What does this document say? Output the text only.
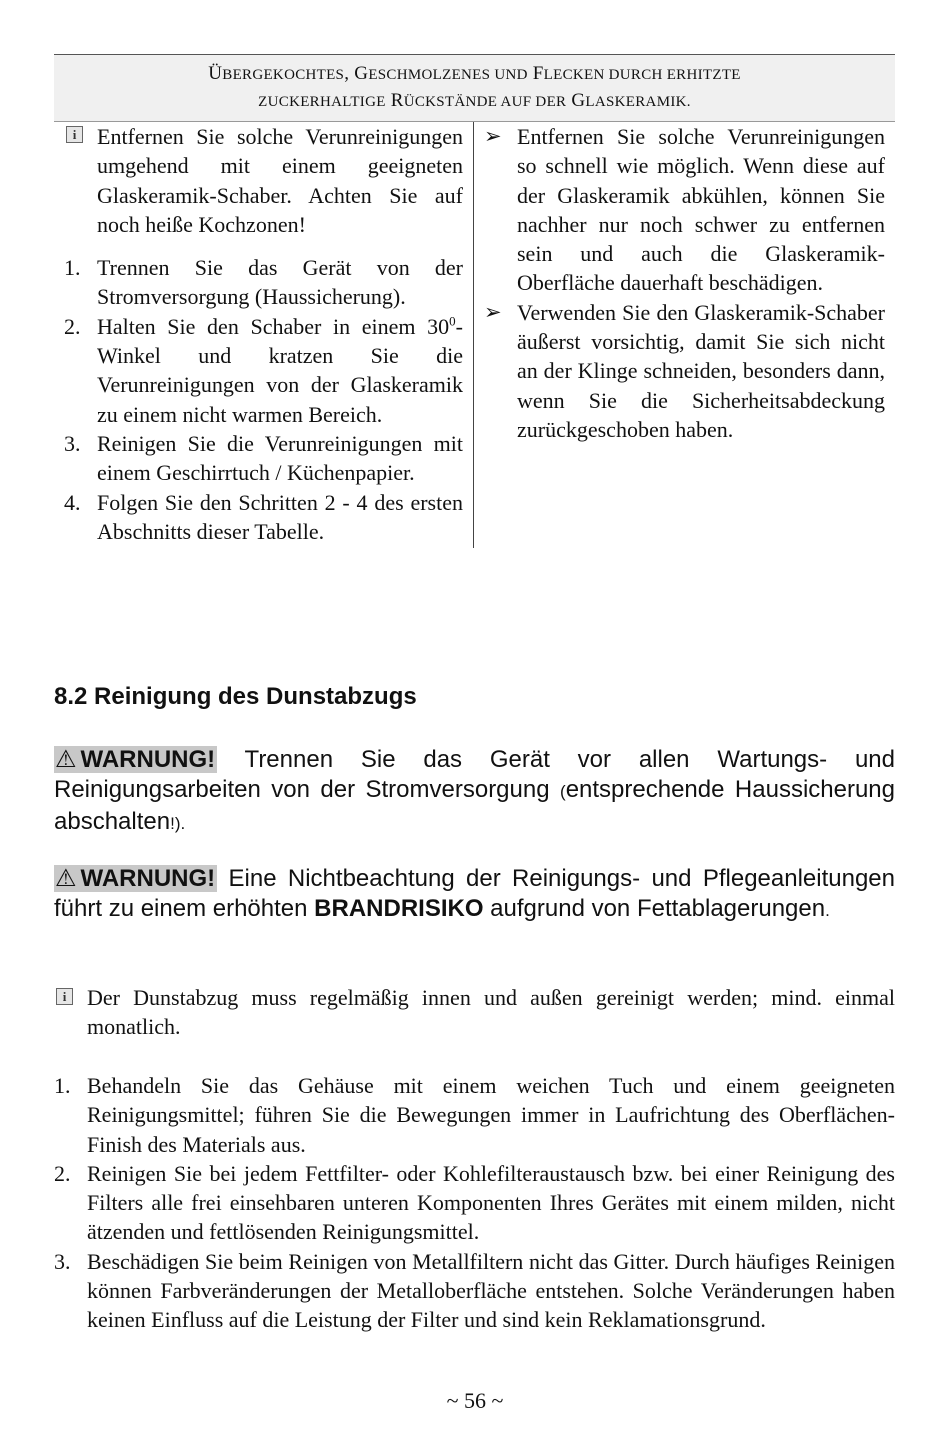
ÜBERGEKOCHTES, GESCHMOLZENES UND FLECKEN DURCH ERHITZTE
ZUCKERHALTIGE RÜCKSTÄNDE AUF DER GLASKERAMIK.

i Entfernen Sie solche Verunreinigungen umgehend mit einem geeigneten Glaskeramik-Schaber. Achten Sie auf noch heiße Kochzonen!
1. Trennen Sie das Gerät von der Stromversorgung (Haussicherung).
2. Halten Sie den Schaber in einem $30^0$-Winkel und kratzen Sie die Verunreinigungen von der Glaskeramik zu einem nicht warmen Bereich.
3. Reinigen Sie die Verunreinigungen mit einem Geschirrtuch / Küchenpapier.
4. Folgen Sie den Schritten 2 - 4 des ersten Abschnitts dieser Tabelle.

➢ Entfernen Sie solche Verunreinigungen so schnell wie möglich. Wenn diese auf der Glaskeramik abkühlen, können Sie nachher nur noch schwer zu entfernen sein und auch die Glaskeramik-Oberfläche dauerhaft beschädigen.
➢ Verwenden Sie den Glaskeramik-Schaber äußerst vorsichtig, damit Sie sich nicht an der Klinge schneiden, besonders dann, wenn Sie die Sicherheitsabdeckung zurückgeschoben haben.
8.2 Reinigung des Dunstabzugs

⚠ WARNUNG! Trennen Sie das Gerät vor allen Wartungs- und Reinigungsarbeiten von der Stromversorgung (entsprechende Haussicherung abschalten!).

⚠ WARNUNG! Eine Nichtbeachtung der Reinigungs- und Pflegeanleitungen führt zu einem erhöhten BRANDRISIKO aufgrund von Fettablagerungen.

i Der Dunstabzug muss regelmäßig innen und außen gereinigt werden; mind. einmal monatlich.
1. Behandeln Sie das Gehäuse mit einem weichen Tuch und einem geeigneten Reinigungsmittel; führen Sie die Bewegungen immer in Laufrichtung des Oberflächen-Finish des Materials aus.
2. Reinigen Sie bei jedem Fettfilter- oder Kohlefilteraustausch bzw. bei einer Reinigung des Filters alle frei einsehbaren unteren Komponenten Ihres Gerätes mit einem milden, nicht ätzenden und fettlösenden Reinigungsmittel.
3. Beschädigen Sie beim Reinigen von Metallfiltern nicht das Gitter. Durch häufiges Reinigen können Farbveränderungen der Metalloberfläche entstehen. Solche Veränderungen haben keinen Einfluss auf die Leistung der Filter und sind kein Reklamationsgrund.
~ 56 ~
